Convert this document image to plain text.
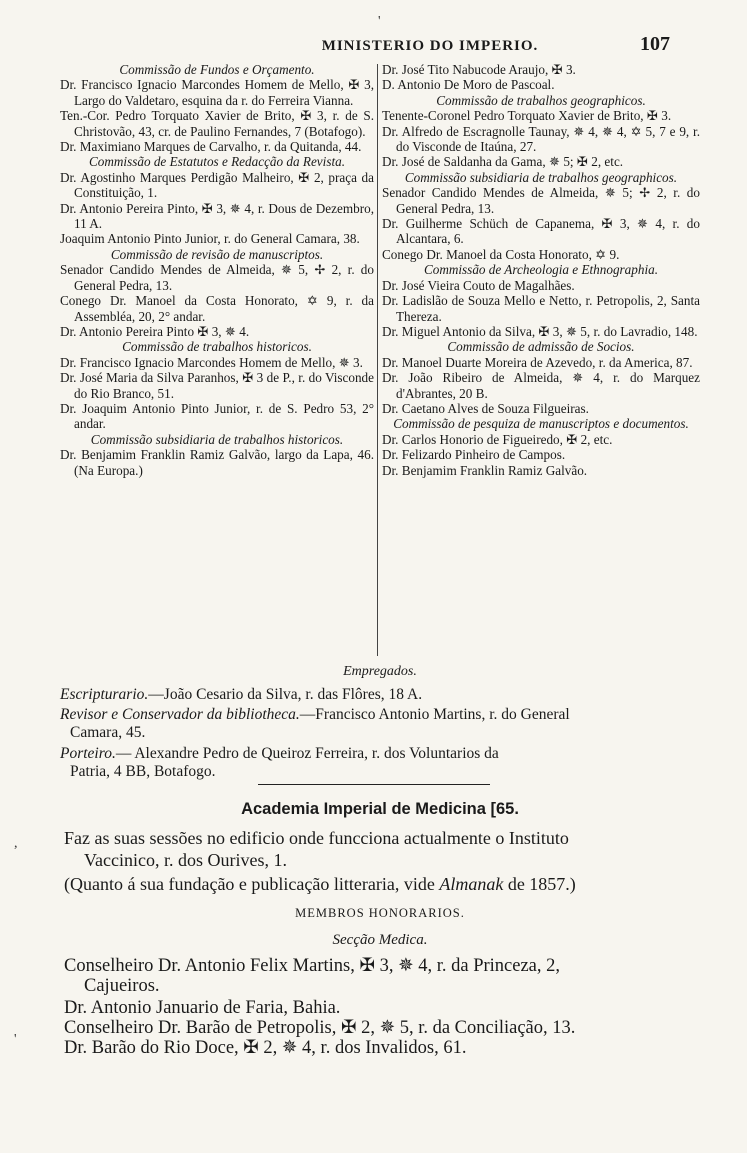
MINISTERIO DO IMPERIO.	107
Commissão de Fundos e Orçamento.
Dr. Francisco Ignacio Marcondes Homem de Mello, ✠ 3, Largo do Valdetaro, esquina da r. do Ferreira Vianna.
Ten.-Cor. Pedro Torquato Xavier de Brito, ✠ 3, r. de S. Christovão, 43, cr. de Paulino Fernandes, 7 (Botafogo).
Dr. Maximiano Marques de Carvalho, r. da Quitanda, 44.
Commissão de Estatutos e Redacção da Revista.
Dr. Agostinho Marques Perdigão Malheiro, ✠ 2, praça da Constituição, 1.
Dr. Antonio Pereira Pinto, ✠ 3, ✵ 4, r. Dous de Dezembro, 11 A.
Joaquim Antonio Pinto Junior, r. do General Camara, 38.
Commissão de revisão de manuscriptos.
Senador Candido Mendes de Almeida, ✵ 5, ✢ 2, r. do General Pedra, 13.
Conego Dr. Manoel da Costa Honorato, ✡ 9, r. da Assembléa, 20, 2° andar.
Dr. Antonio Pereira Pinto ✠ 3, ✵ 4.
Commissão de trabalhos historicos.
Dr. Francisco Ignacio Marcondes Homem de Mello, ✵ 3.
Dr. José Maria da Silva Paranhos, ✠ 3 de P., r. do Visconde do Rio Branco, 51.
Dr. Joaquim Antonio Pinto Junior, r. de S. Pedro 53, 2° andar.
Commissão subsidiaria de trabalhos historicos.
Dr. Benjamim Franklin Ramiz Galvão, largo da Lapa, 46. (Na Europa.)
Dr. José Tito Nabucode Araujo, ✠ 3.
D. Antonio De Moro de Pascoal.
Commissão de trabalhos geographicos.
Tenente-Coronel Pedro Torquato Xavier de Brito, ✠ 3.
Dr. Alfredo de Escragnolle Taunay, ✵ 4, ✵ 4, ✡ 5, 7 e 9, r. do Visconde de Itaúna, 27.
Dr. José de Saldanha da Gama, ✵ 5; ✠ 2, etc.
Commissão subsidiaria de trabalhos geographicos.
Senador Candido Mendes de Almeida, ✵ 5; ✢ 2, r. do General Pedra, 13.
Dr. Guilherme Schüch de Capanema, ✠ 3, ✵ 4, r. do Alcantara, 6.
Conego Dr. Manoel da Costa Honorato, ✡ 9.
Commissão de Archeologia e Ethnographia.
Dr. José Vieira Couto de Magalhães.
Dr. Ladislão de Souza Mello e Netto, r. Petropolis, 2, Santa Thereza.
Dr. Miguel Antonio da Silva, ✠ 3, ✵ 5, r. do Lavradio, 148.
Commissão de admissão de Socios.
Dr. Manoel Duarte Moreira de Azevedo, r. da America, 87.
Dr. João Ribeiro de Almeida, ✵ 4, r. do Marquez d'Abrantes, 20 B.
Dr. Caetano Alves de Souza Filgueiras.
Commissão de pesquiza de manuscriptos e documentos.
Dr. Carlos Honorio de Figueiredo, ✠ 2, etc.
Dr. Felizardo Pinheiro de Campos.
Dr. Benjamim Franklin Ramiz Galvão.
Empregados.
Escripturario.—João Cesario da Silva, r. das Flôres, 18 A.
Revisor e Conservador da bibliotheca.—Francisco Antonio Martins, r. do General
Camara, 45.
Porteiro.— Alexandre Pedro de Queiroz Ferreira, r. dos Voluntarios da
Patria, 4 BB, Botafogo.
Academia Imperial de Medicina [65.
Faz as suas sessões no edificio onde funcciona actualmente o Instituto
Vaccinico, r. dos Ourives, 1.
(Quanto á sua fundação e publicação litteraria, vide Almanak de 1857.)
MEMBROS HONORARIOS.
Secção Medica.
Conselheiro Dr. Antonio Felix Martins, ✠ 3, ✵ 4, r. da Princeza, 2,
Cajueiros.
Dr. Antonio Januario de Faria, Bahia.
Conselheiro Dr. Barão de Petropolis, ✠ 2, ✵ 5, r. da Conciliação, 13.
Dr. Barão do Rio Doce, ✠ 2, ✵ 4, r. dos Invalidos, 61.
'
,
'
